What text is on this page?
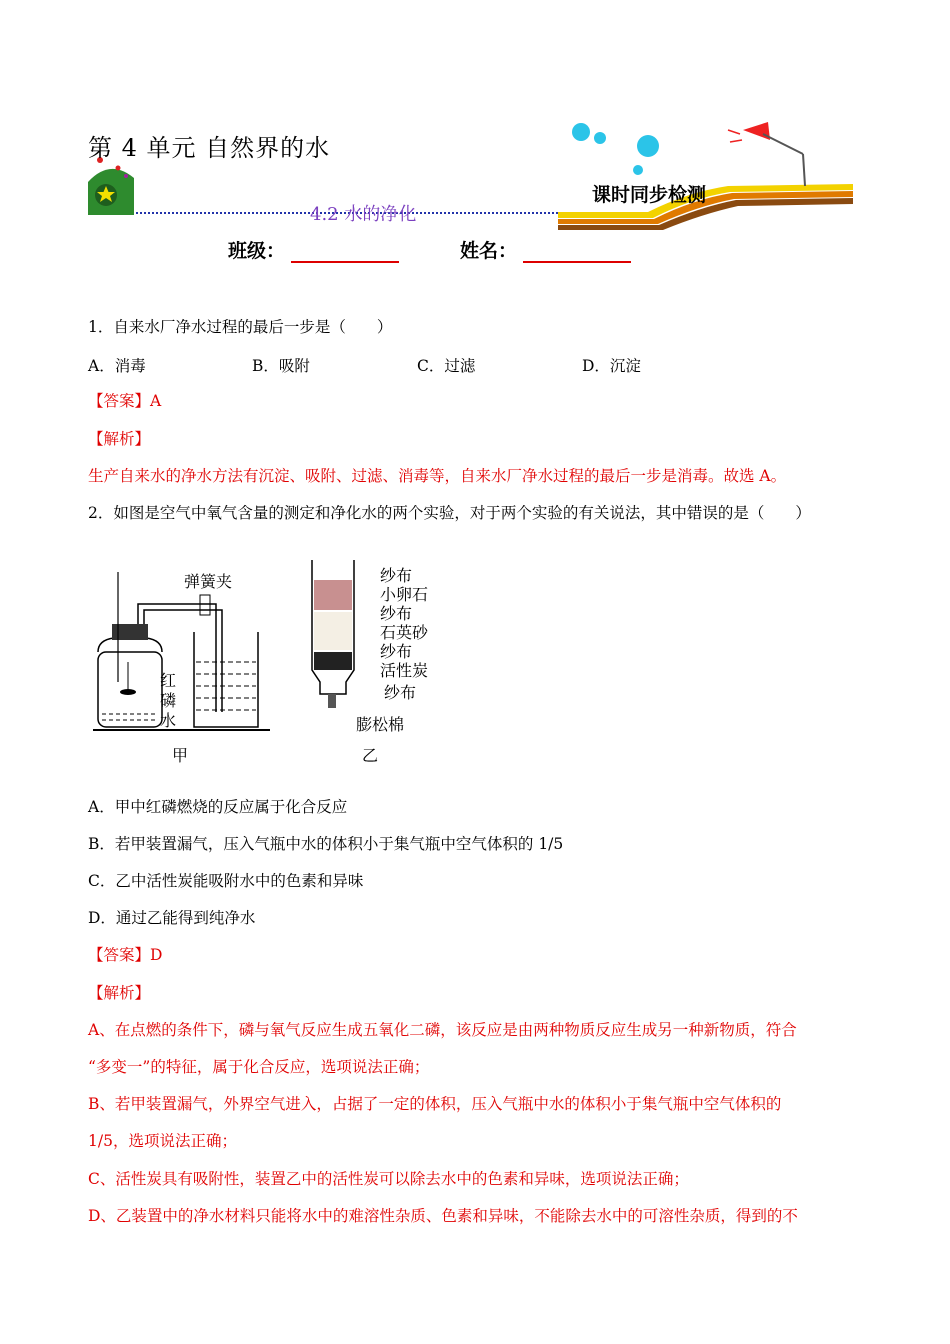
第 4 单元 自然界的水
4.2 水的净化
课时同步检测
班级：	姓名：
1．自来水厂净水过程的最后一步是（　　）
A．消毒	B．吸附	C．过滤	D．沉淀
【答案】A
【解析】
生产自来水的净水方法有沉淀、吸附、过滤、消毒等，自来水厂净水过程的最后一步是消毒。故选 A。
2．如图是空气中氧气含量的测定和净化水的两个实验，对于两个实验的有关说法，其中错误的是（　　）
弹簧夹
红
磷
水
甲
纱布
小卵石
纱布
石英砂
纱布
活性炭
纱布
膨松棉
乙
A．甲中红磷燃烧的反应属于化合反应
B．若甲装置漏气，压入气瓶中水的体积小于集气瓶中空气体积的 1/5
C．乙中活性炭能吸附水中的色素和异味
D．通过乙能得到纯净水
【答案】D
【解析】
A、在点燃的条件下，磷与氧气反应生成五氧化二磷，该反应是由两种物质反应生成另一种新物质，符合
“多变一”的特征，属于化合反应，选项说法正确；
B、若甲装置漏气，外界空气进入，占据了一定的体积，压入气瓶中水的体积小于集气瓶中空气体积的
1/5，选项说法正确；
C、活性炭具有吸附性，装置乙中的活性炭可以除去水中的色素和异味，选项说法正确；
D、乙装置中的净水材料只能将水中的难溶性杂质、色素和异味，不能除去水中的可溶性杂质，得到的不
